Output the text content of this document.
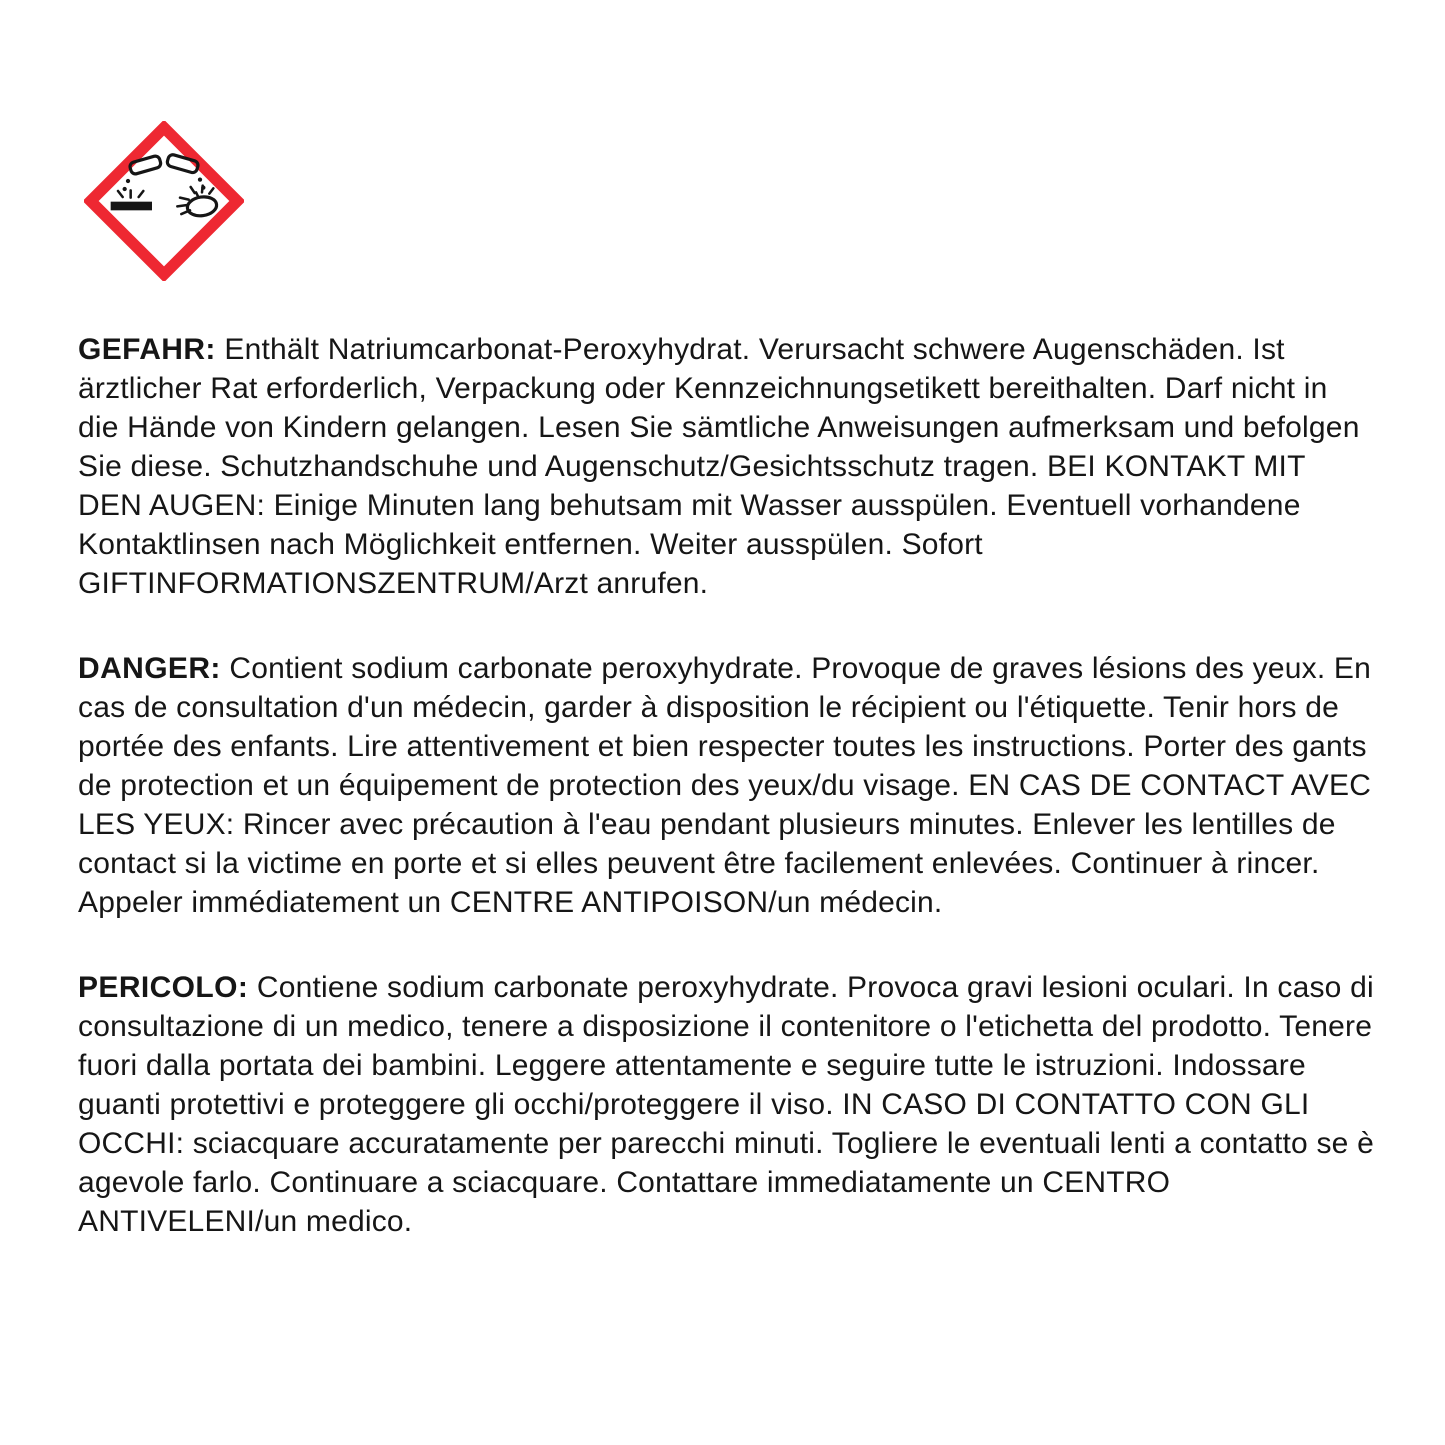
GEFAHR: Enthält Natriumcarbonat-Peroxyhydrat. Verursacht schwere Augenschäden. Ist ärztlicher Rat erforderlich, Verpackung oder Kennzeichnungsetikett bereithalten. Darf nicht in die Hände von Kindern gelangen. Lesen Sie sämtliche Anweisungen aufmerksam und befolgen Sie diese. Schutzhandschuhe und Augenschutz/Gesichtsschutz tragen. BEI KONTAKT MIT DEN AUGEN: Einige Minuten lang behutsam mit Wasser ausspülen. Eventuell vorhandene Kontaktlinsen nach Möglichkeit entfernen. Weiter ausspülen. Sofort GIFTINFORMATIONSZENTRUM/Arzt anrufen.

DANGER: Contient sodium carbonate peroxyhydrate. Provoque de graves lésions des yeux. En cas de consultation d'un médecin, garder à disposition le récipient ou l'étiquette. Tenir hors de portée des enfants. Lire attentivement et bien respecter toutes les instructions. Porter des gants de protection et un équipement de protection des yeux/du visage. EN CAS DE CONTACT AVEC LES YEUX: Rincer avec précaution à l'eau pendant plusieurs minutes. Enlever les lentilles de contact si la victime en porte et si elles peuvent être facilement enlevées. Continuer à rincer. Appeler immédiatement un CENTRE ANTIPOISON/un médecin.

PERICOLO: Contiene sodium carbonate peroxyhydrate. Provoca gravi lesioni oculari. In caso di consultazione di un medico, tenere a disposizione il contenitore o l'etichetta del prodotto. Tenere fuori dalla portata dei bambini. Leggere attentamente e seguire tutte le istruzioni. Indossare guanti protettivi e proteggere gli occhi/proteggere il viso. IN CASO DI CONTATTO CON GLI OCCHI: sciacquare accuratamente per parecchi minuti. Togliere le eventuali lenti a contatto se è agevole farlo. Continuare a sciacquare. Contattare immediatamente un CENTRO ANTIVELENI/un medico.
